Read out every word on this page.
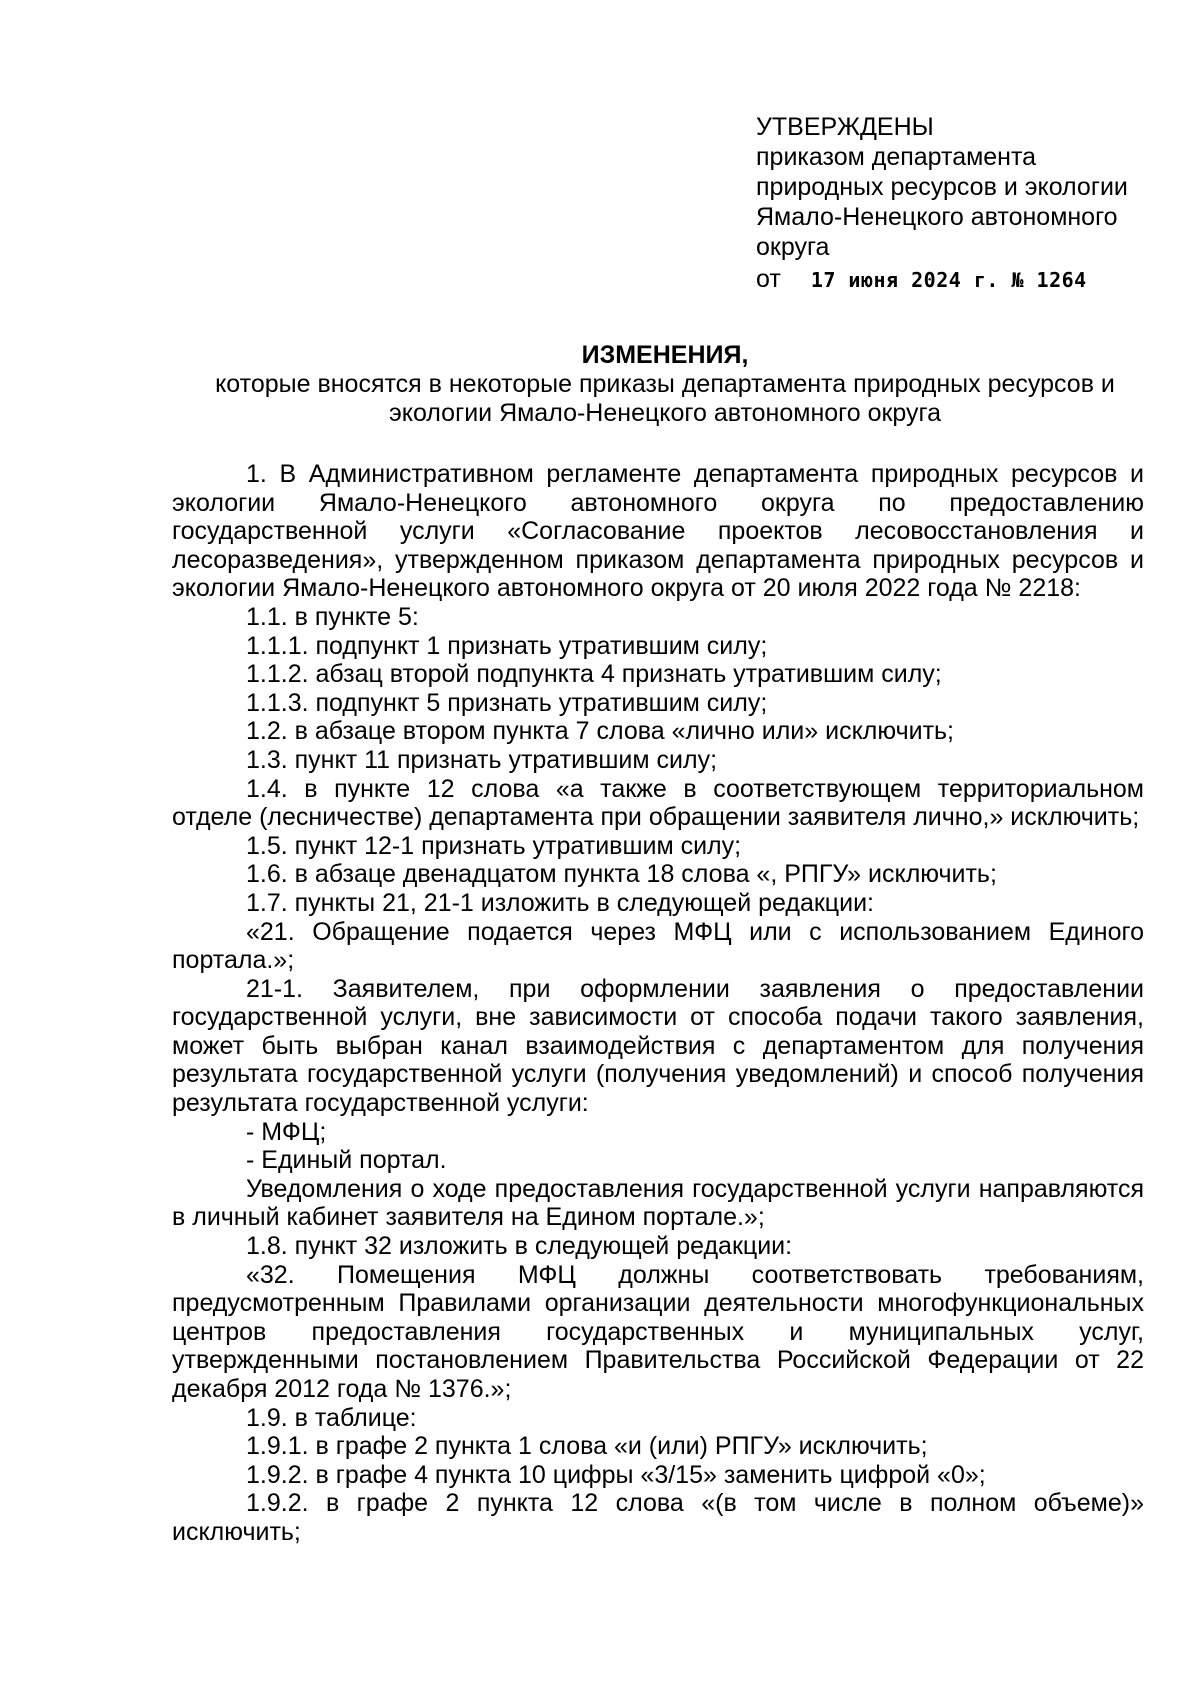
УТВЕРЖДЕНЫ
приказом департамента
природных ресурсов и экологии
Ямало-Ненецкого автономного
округа
от 17 июня 2024 г. № 1264
ИЗМЕНЕНИЯ,
которые вносятся в некоторые приказы департамента природных ресурсов и
экологии Ямало-Ненецкого автономного округа

1. В Административном регламенте департамента природных ресурсов и экологии Ямало-Ненецкого автономного округа по предоставлению государственной услуги «Согласование проектов лесовосстановления и лесоразведения», утвержденном приказом департамента природных ресурсов и экологии Ямало-Ненецкого автономного округа от 20 июля 2022 года № 2218:

1.1. в пункте 5:

1.1.1. подпункт 1 признать утратившим силу;

1.1.2. абзац второй подпункта 4 признать утратившим силу;

1.1.3. подпункт 5 признать утратившим силу;

1.2. в абзаце втором пункта 7 слова «лично или» исключить;

1.3. пункт 11 признать утратившим силу;

1.4. в пункте 12 слова «а также в соответствующем территориальном отделе (лесничестве) департамента при обращении заявителя лично,» исключить;

1.5. пункт 12-1 признать утратившим силу;

1.6. в абзаце двенадцатом пункта 18 слова «, РПГУ» исключить;

1.7. пункты 21, 21-1 изложить в следующей редакции:

«21. Обращение подается через МФЦ или с использованием Единого портала.»;

21-1. Заявителем, при оформлении заявления о предоставлении государственной услуги, вне зависимости от способа подачи такого заявления, может быть выбран канал взаимодействия с департаментом для получения результата государственной услуги (получения уведомлений) и способ получения результата государственной услуги:

- МФЦ;

- Единый портал.

Уведомления о ходе предоставления государственной услуги направляются в личный кабинет заявителя на Едином портале.»;

1.8. пункт 32 изложить в следующей редакции:

«32. Помещения МФЦ должны соответствовать требованиям, предусмотренным Правилами организации деятельности многофункциональных центров предоставления государственных и муниципальных услуг, утвержденными постановлением Правительства Российской Федерации от 22 декабря 2012 года № 1376.»;

1.9. в таблице:

1.9.1. в графе 2 пункта 1 слова «и (или) РПГУ» исключить;

1.9.2. в графе 4 пункта 10 цифры «3/15» заменить цифрой «0»;

1.9.2. в графе 2 пункта 12 слова «(в том числе в полном объеме)» исключить;
